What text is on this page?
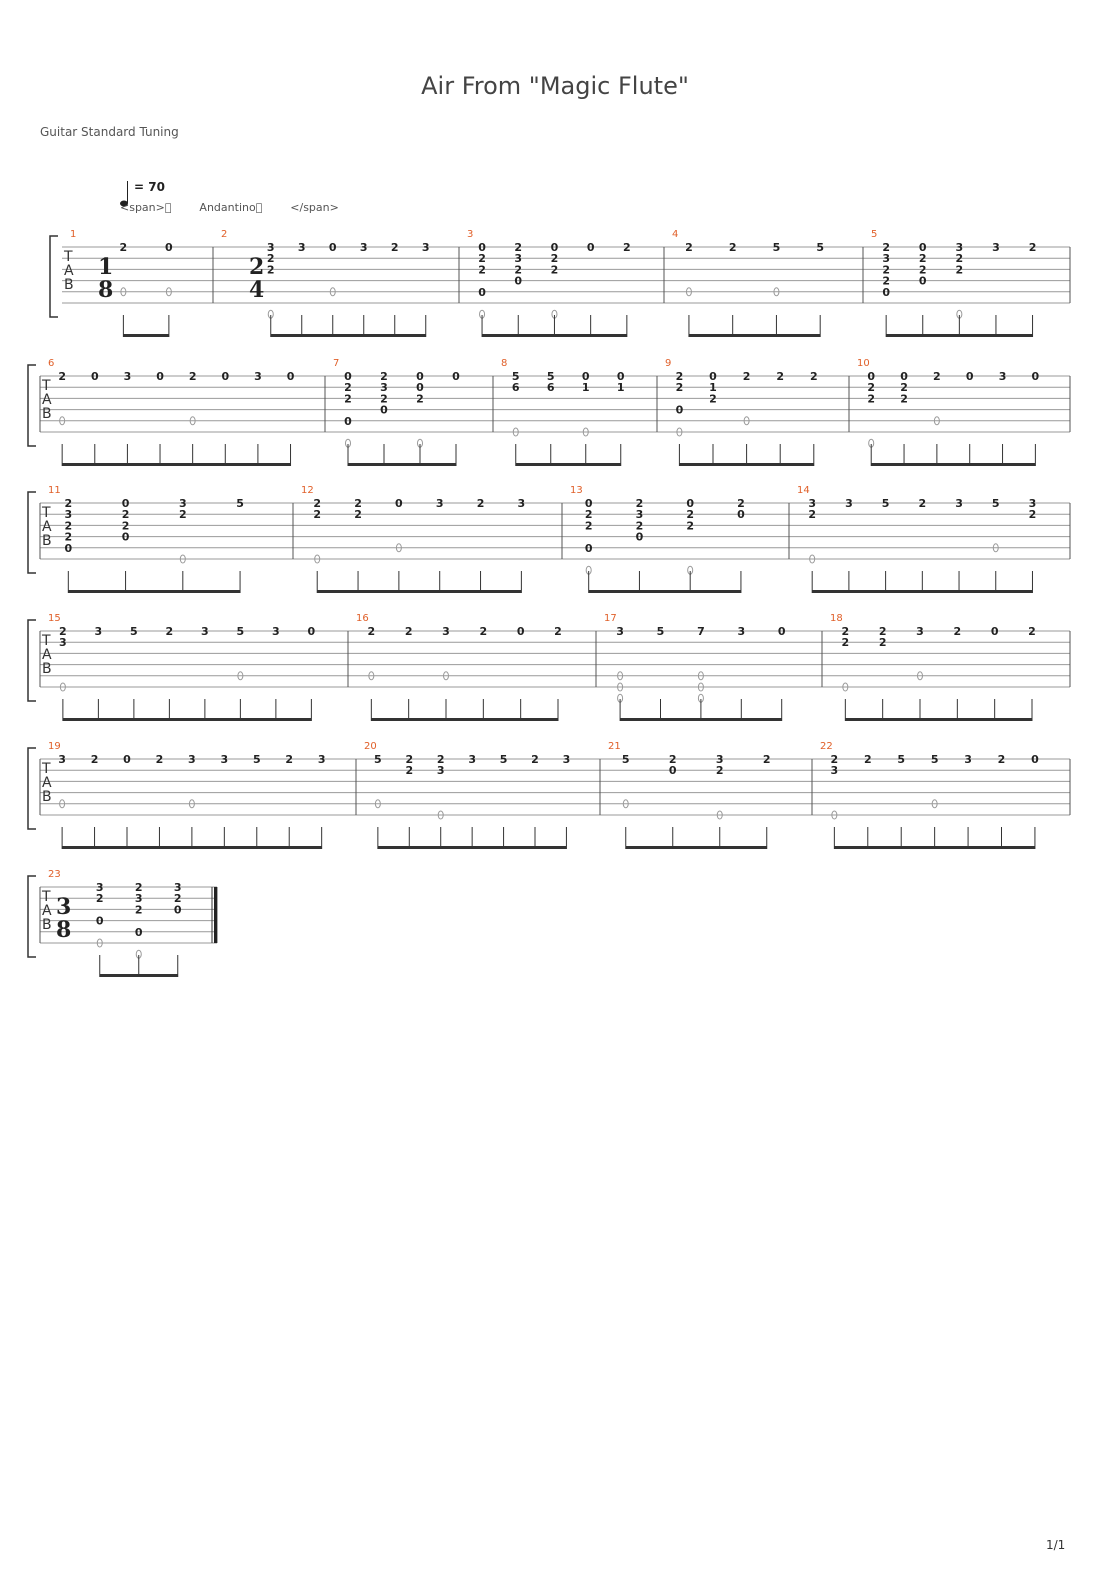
Air From "Magic Flute"
Guitar Standard Tuning
= 70
<span>         Andantino         </span>
1/1
T
A
B
1
1
8
2	0
2
2
4
3
2
2
3 0 3 2 3
3
0
2
2
0
2
3
2
0
0
2
2
0	2
4
2	2	5	5
5
2
3
2
2
0
0
2
2
0
3
2
2
3	2
T
A
B
6
2 0 3 0 2 0 3 0
7
0
2
2
0
2
3
2
0
0
0
2
0
8
5
6
5
6
0
1
0
1
9
2
2
0
0
1
2
2 2 2
10
0
2
2
0
2
2
2 0 3 0
T
A
B
11
2
3
2
2
0
0
2
2
0
3
2
5
12
2
2
2
2
0	3	2	3
13
0
2
2
0
2
3
2
0
0
2
2
2
0
14
3
2
3	5	2	3	5	3
2
T
A
B
15
2
3
3	5	2	3	5	3	0
16
2	2	3	2	0	2
17
3	5	7	3	0
18
2
2
2
2
3	2	0	2
T
A
B
19
3 2 0 2 3 3 5 2 3
20
5 2
2
2
3
3 5 2 3
21
5	2
0
3
2
2
22
2
3
2 5 5 3 2 0
T
A
B
23
3
8
3
2
0
2
3
2
0
3
2
0
